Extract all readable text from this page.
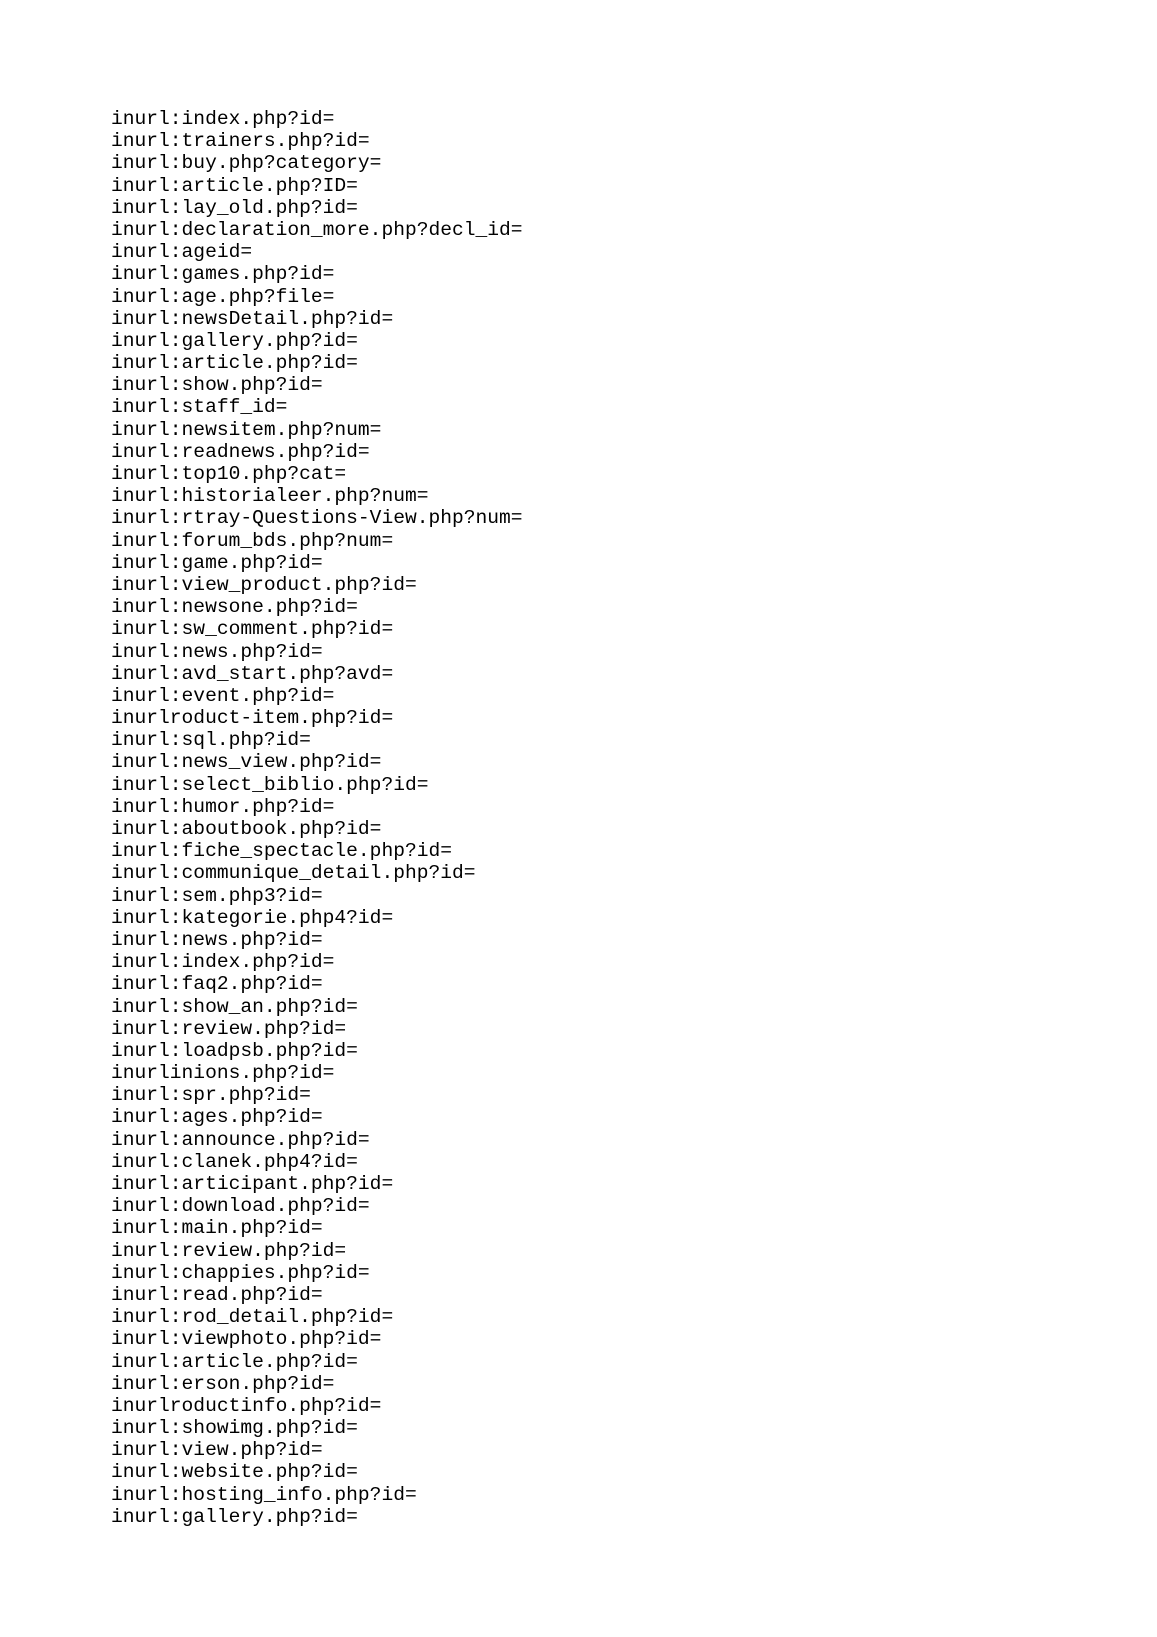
inurl:index.php?id=
inurl:trainers.php?id=
inurl:buy.php?category=
inurl:article.php?ID=
inurl:lay_old.php?id=
inurl:declaration_more.php?decl_id=
inurl:ageid=
inurl:games.php?id=
inurl:age.php?file=
inurl:newsDetail.php?id=
inurl:gallery.php?id=
inurl:article.php?id=
inurl:show.php?id=
inurl:staff_id=
inurl:newsitem.php?num=
inurl:readnews.php?id=
inurl:top10.php?cat=
inurl:historialeer.php?num=
inurl:rtray-Questions-View.php?num=
inurl:forum_bds.php?num=
inurl:game.php?id=
inurl:view_product.php?id=
inurl:newsone.php?id=
inurl:sw_comment.php?id=
inurl:news.php?id=
inurl:avd_start.php?avd=
inurl:event.php?id=
inurlroduct-item.php?id=
inurl:sql.php?id=
inurl:news_view.php?id=
inurl:select_biblio.php?id=
inurl:humor.php?id=
inurl:aboutbook.php?id=
inurl:fiche_spectacle.php?id=
inurl:communique_detail.php?id=
inurl:sem.php3?id=
inurl:kategorie.php4?id=
inurl:news.php?id=
inurl:index.php?id=
inurl:faq2.php?id=
inurl:show_an.php?id=
inurl:review.php?id=
inurl:loadpsb.php?id=
inurlinions.php?id=
inurl:spr.php?id=
inurl:ages.php?id=
inurl:announce.php?id=
inurl:clanek.php4?id=
inurl:articipant.php?id=
inurl:download.php?id=
inurl:main.php?id=
inurl:review.php?id=
inurl:chappies.php?id=
inurl:read.php?id=
inurl:rod_detail.php?id=
inurl:viewphoto.php?id=
inurl:article.php?id=
inurl:erson.php?id=
inurlroductinfo.php?id=
inurl:showimg.php?id=
inurl:view.php?id=
inurl:website.php?id=
inurl:hosting_info.php?id=
inurl:gallery.php?id=
